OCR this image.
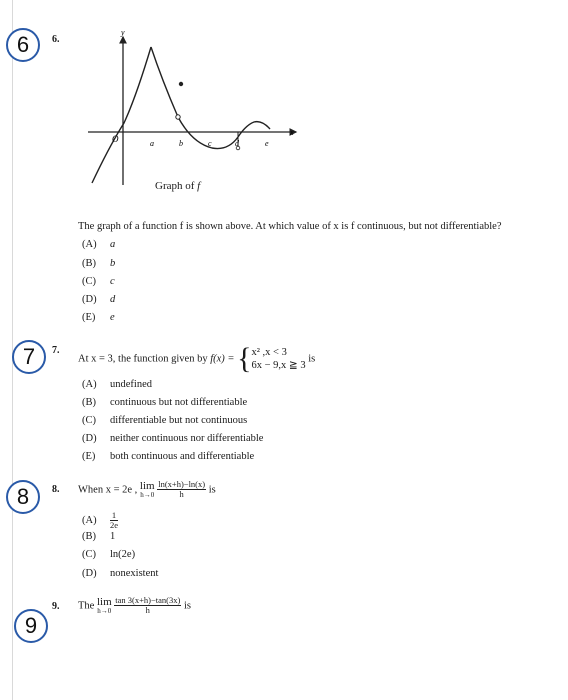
6	6.
y
x
O	a	b	c	d	e
Graph of f
The graph of a function f is shown above. At which value of x is f continuous, but not differentiable?
(A) a
(B) b
(C) c
(D) d
(E) e
7	7.
At x = 3, the function given by f(x) = { x² ,x < 3
6x − 9,x ≧ 3
is
(A) undefined
(B) continuous but not differentiable
(C) differentiable but not continuous
(D) neither continuous nor differentiable
(E) both continuous and differentiable
8	8. When x = 2e , lim
h→0
$\frac{\ln(x+h)-\ln(x)}{h}$ is
$(A) \frac{1}{2e}$
(B) 1
(C) ln(2e)
(D) nonexistent
9. The lim
h→0
$\frac{\tan 3(x+h)-\tan(3x)}{h}$ is
9
